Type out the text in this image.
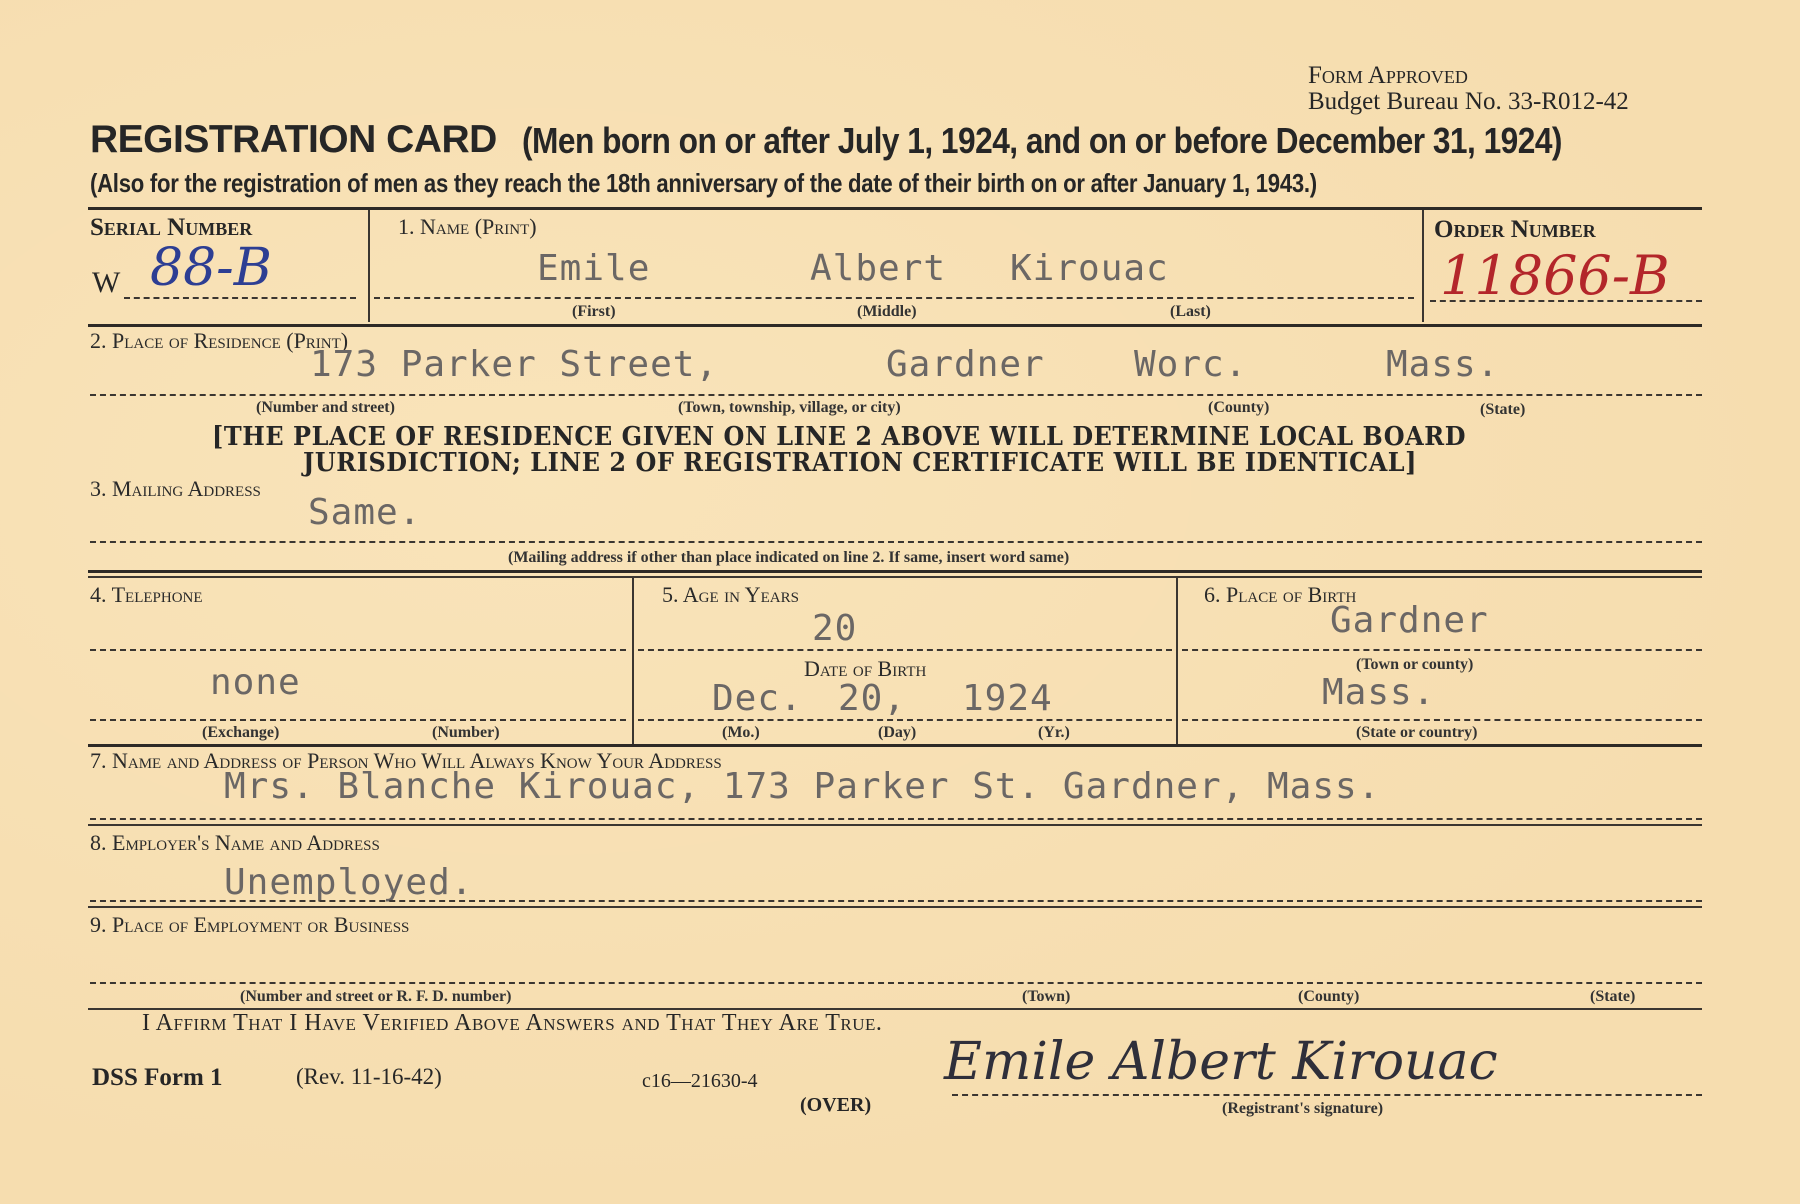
Form Approved
Budget Bureau No. 33-R012-42
REGISTRATION CARD (Men born on or after July 1, 1924, and on or before December 31, 1924)
(Also for the registration of men as they reach the 18th anniversary of the date of their birth on or after January 1, 1943.)
Serial Number
W 88-B
1. Name (Print)
Emile	Albert Kirouac
(First)	(Middle)	(Last)
Order Number
11866-B
2. Place of Residence (Print)
173 Parker Street,	Gardner Worc.	Mass.
(Number and street)	(Town, township, village, or city)	(County)	(State)
[THE PLACE OF RESIDENCE GIVEN ON LINE 2 ABOVE WILL DETERMINE LOCAL BOARD
JURISDICTION; LINE 2 OF REGISTRATION CERTIFICATE WILL BE IDENTICAL]
3. Mailing Address
Same.
(Mailing address if other than place indicated on line 2. If same, insert word same)
4. Telephone
none
(Exchange)	(Number)
5. Age in Years
20
Date of Birth
Dec. 20, 1924
(Mo.)	(Day)	(Yr.)
6. Place of Birth
Gardner
(Town or county)
Mass.
(State or country)
7. Name and Address of Person Who Will Always Know Your Address
Mrs. Blanche Kirouac, 173 Parker St. Gardner, Mass.
8. Employer's Name and Address
Unemployed.
9. Place of Employment or Business
(Number and street or R. F. D. number)	(Town)	(County)	(State)
I Affirm That I Have Verified Above Answers and That They Are True.
DSS Form 1	(Rev. 11-16-42)	c16—21630-4
(OVER)
Emile Albert Kirouac
(Registrant's signature)
